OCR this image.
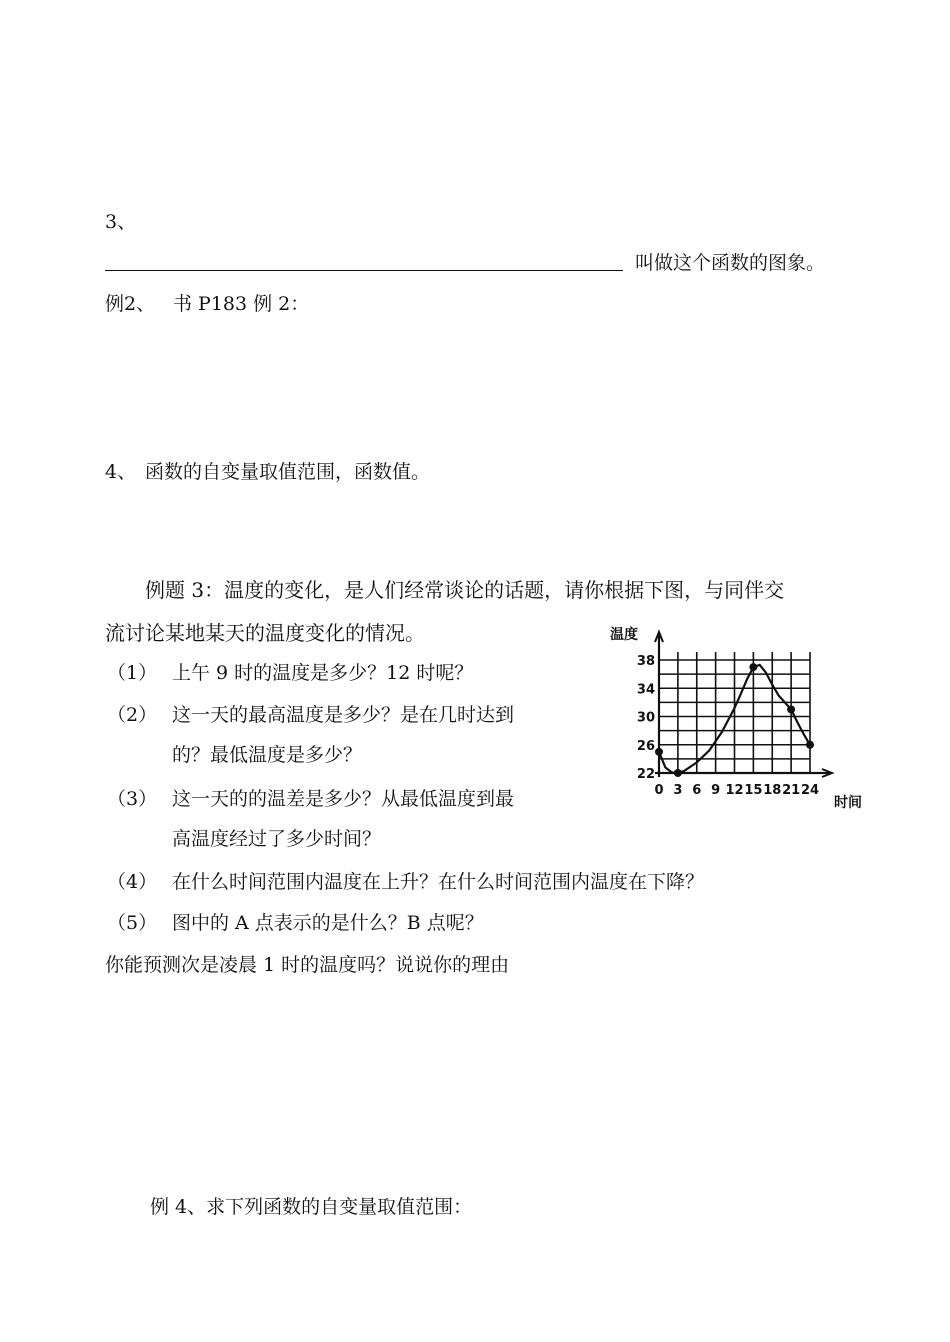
3、
叫做这个函数的图象。
例2、 书 P183 例 2：
4、 函数的自变量取值范围，函数值。
例题 3：温度的变化，是人们经常谈论的话题，请你根据下图，与同伴交
流讨论某地某天的温度变化的情况。
（1） 上午 9 时的温度是多少？12 时呢？
（2） 这一天的最高温度是多少？是在几时达到
的？最低温度是多少？
（3） 这一天的的温差是多少？从最低温度到最
高温度经过了多少时间？
（4） 在什么时间范围内温度在上升？在什么时间范围内温度在下降？
（5） 图中的 A 点表示的是什么？B 点呢？
你能预测次是凌晨 1 时的温度吗？说说你的理由
22
26
30
34
38
0 3 6 9 12 15 18 21 24
温度
时间
例 4、求下列函数的自变量取值范围：
